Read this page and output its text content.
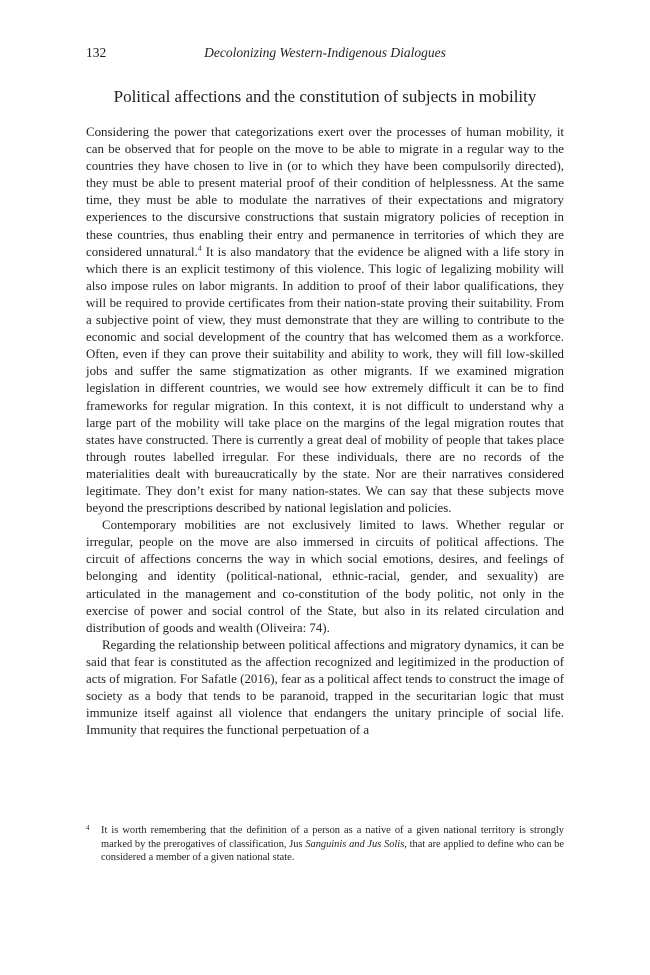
132	Decolonizing Western-Indigenous Dialogues
Political affections and the constitution of subjects in mobility

Considering the power that categorizations exert over the processes of human mobility, it can be observed that for people on the move to be able to migrate in a regular way to the countries they have chosen to live in (or to which they have been compulsorily directed), they must be able to present material proof of their condition of helplessness. At the same time, they must be able to modulate the narratives of their expectations and migratory experiences to the discursive constructions that sustain migratory policies of reception in these countries, thus enabling their entry and permanence in territories of which they are considered unnatural.$^4$ It is also mandatory that the evidence be aligned with a life story in which there is an explicit testimony of this violence. This logic of legalizing mobility will also impose rules on labor migrants. In addition to proof of their labor qualifications, they will be required to provide certificates from their nation-state proving their suitability. From a subjective point of view, they must demonstrate that they are willing to contribute to the economic and social development of the country that has welcomed them as a workforce. Often, even if they can prove their suitability and ability to work, they will fill low-skilled jobs and suffer the same stigmatization as other migrants. If we examined migration legislation in different countries, we would see how extremely difficult it can be to find frameworks for regular migration. In this context, it is not difficult to understand why a large part of the mobility will take place on the margins of the legal migration routes that states have constructed. There is currently a great deal of mobility of people that takes place through routes labelled irregular. For these individuals, there are no records of the materialities dealt with bureaucratically by the state. Nor are their narratives considered legitimate. They don’t exist for many nation-states. We can say that these subjects move beyond the prescriptions described by national legislation and policies.

Contemporary mobilities are not exclusively limited to laws. Whether regular or irregular, people on the move are also immersed in circuits of political affections. The circuit of affections concerns the way in which social emotions, desires, and feelings of belonging and identity (political-national, ethnic-racial, gender, and sexuality) are articulated in the management and co-constitution of the body politic, not only in the exercise of power and social control of the State, but also in its related circulation and distribution of goods and wealth (Oliveira: 74).

Regarding the relationship between political affections and migratory dynamics, it can be said that fear is constituted as the affection recognized and legitimized in the production of acts of migration. For Safatle (2016), fear as a political affect tends to construct the image of society as a body that tends to be paranoid, trapped in the securitarian logic that must immunize itself against all violence that endangers the unitary principle of social life. Immunity that requires the functional perpetuation of a

4 It is worth remembering that the definition of a person as a native of a given national territory is strongly marked by the prerogatives of classification, Jus Sanguinis and Jus Solis, that are applied to define who can be considered a member of a given national state.
